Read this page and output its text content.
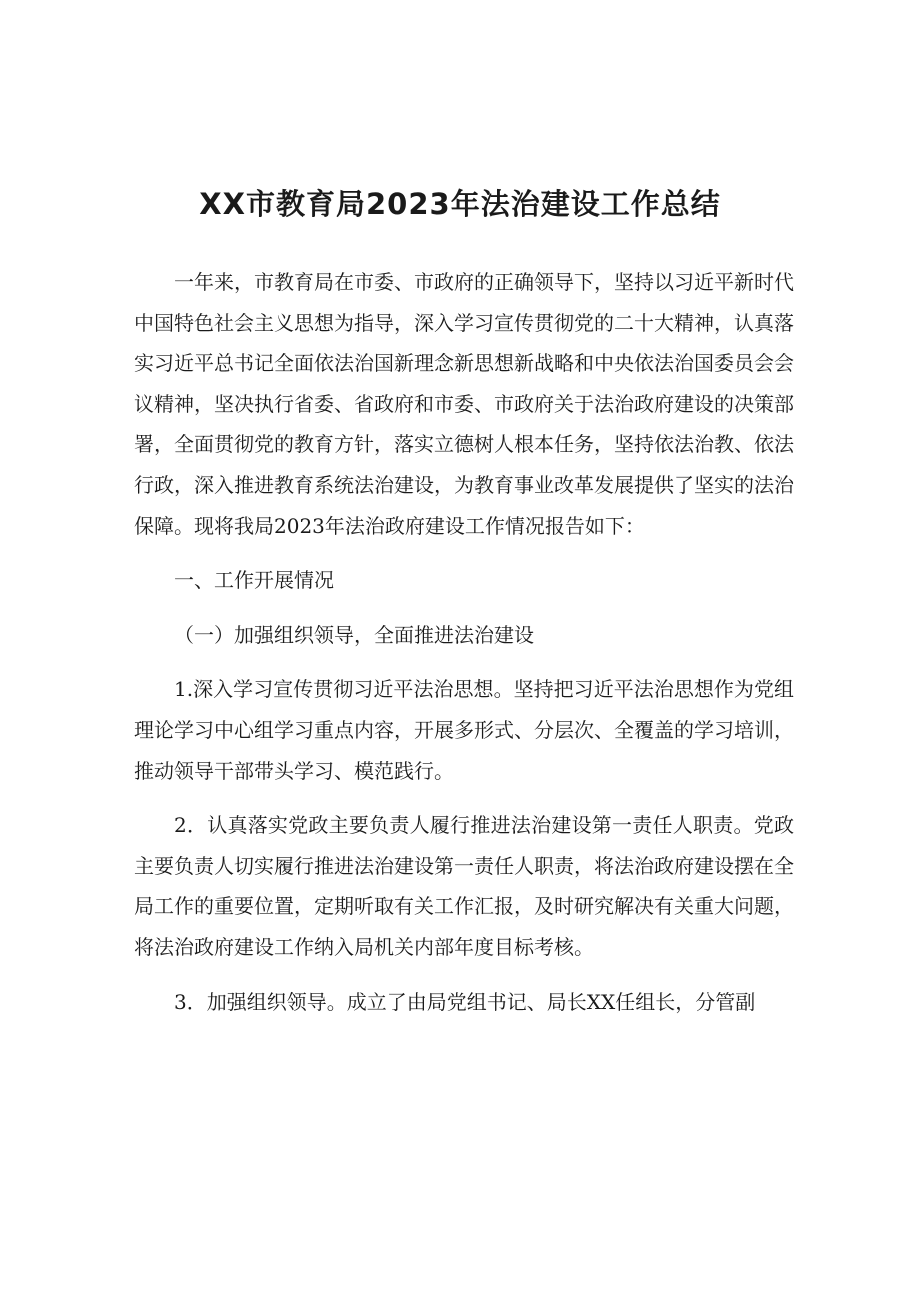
XX市教育局2023年法治建设工作总结

一年来，市教育局在市委、市政府的正确领导下，坚持以习近平新时代中国特色社会主义思想为指导，深入学习宣传贯彻党的二十大精神，认真落实习近平总书记全面依法治国新理念新思想新战略和中央依法治国委员会会议精神，坚决执行省委、省政府和市委、市政府关于法治政府建设的决策部署，全面贯彻党的教育方针，落实立德树人根本任务，坚持依法治教、依法行政，深入推进教育系统法治建设，为教育事业改革发展提供了坚实的法治保障。现将我局2023年法治政府建设工作情况报告如下：

一、工作开展情况

（一）加强组织领导，全面推进法治建设

1.深入学习宣传贯彻习近平法治思想。坚持把习近平法治思想作为党组理论学习中心组学习重点内容，开展多形式、分层次、全覆盖的学习培训，推动领导干部带头学习、模范践行。

2．认真落实党政主要负责人履行推进法治建设第一责任人职责。党政主要负责人切实履行推进法治建设第一责任人职责，将法治政府建设摆在全局工作的重要位置，定期听取有关工作汇报，及时研究解决有关重大问题，将法治政府建设工作纳入局机关内部年度目标考核。

3．加强组织领导。成立了由局党组书记、局长XX任组长，分管副
